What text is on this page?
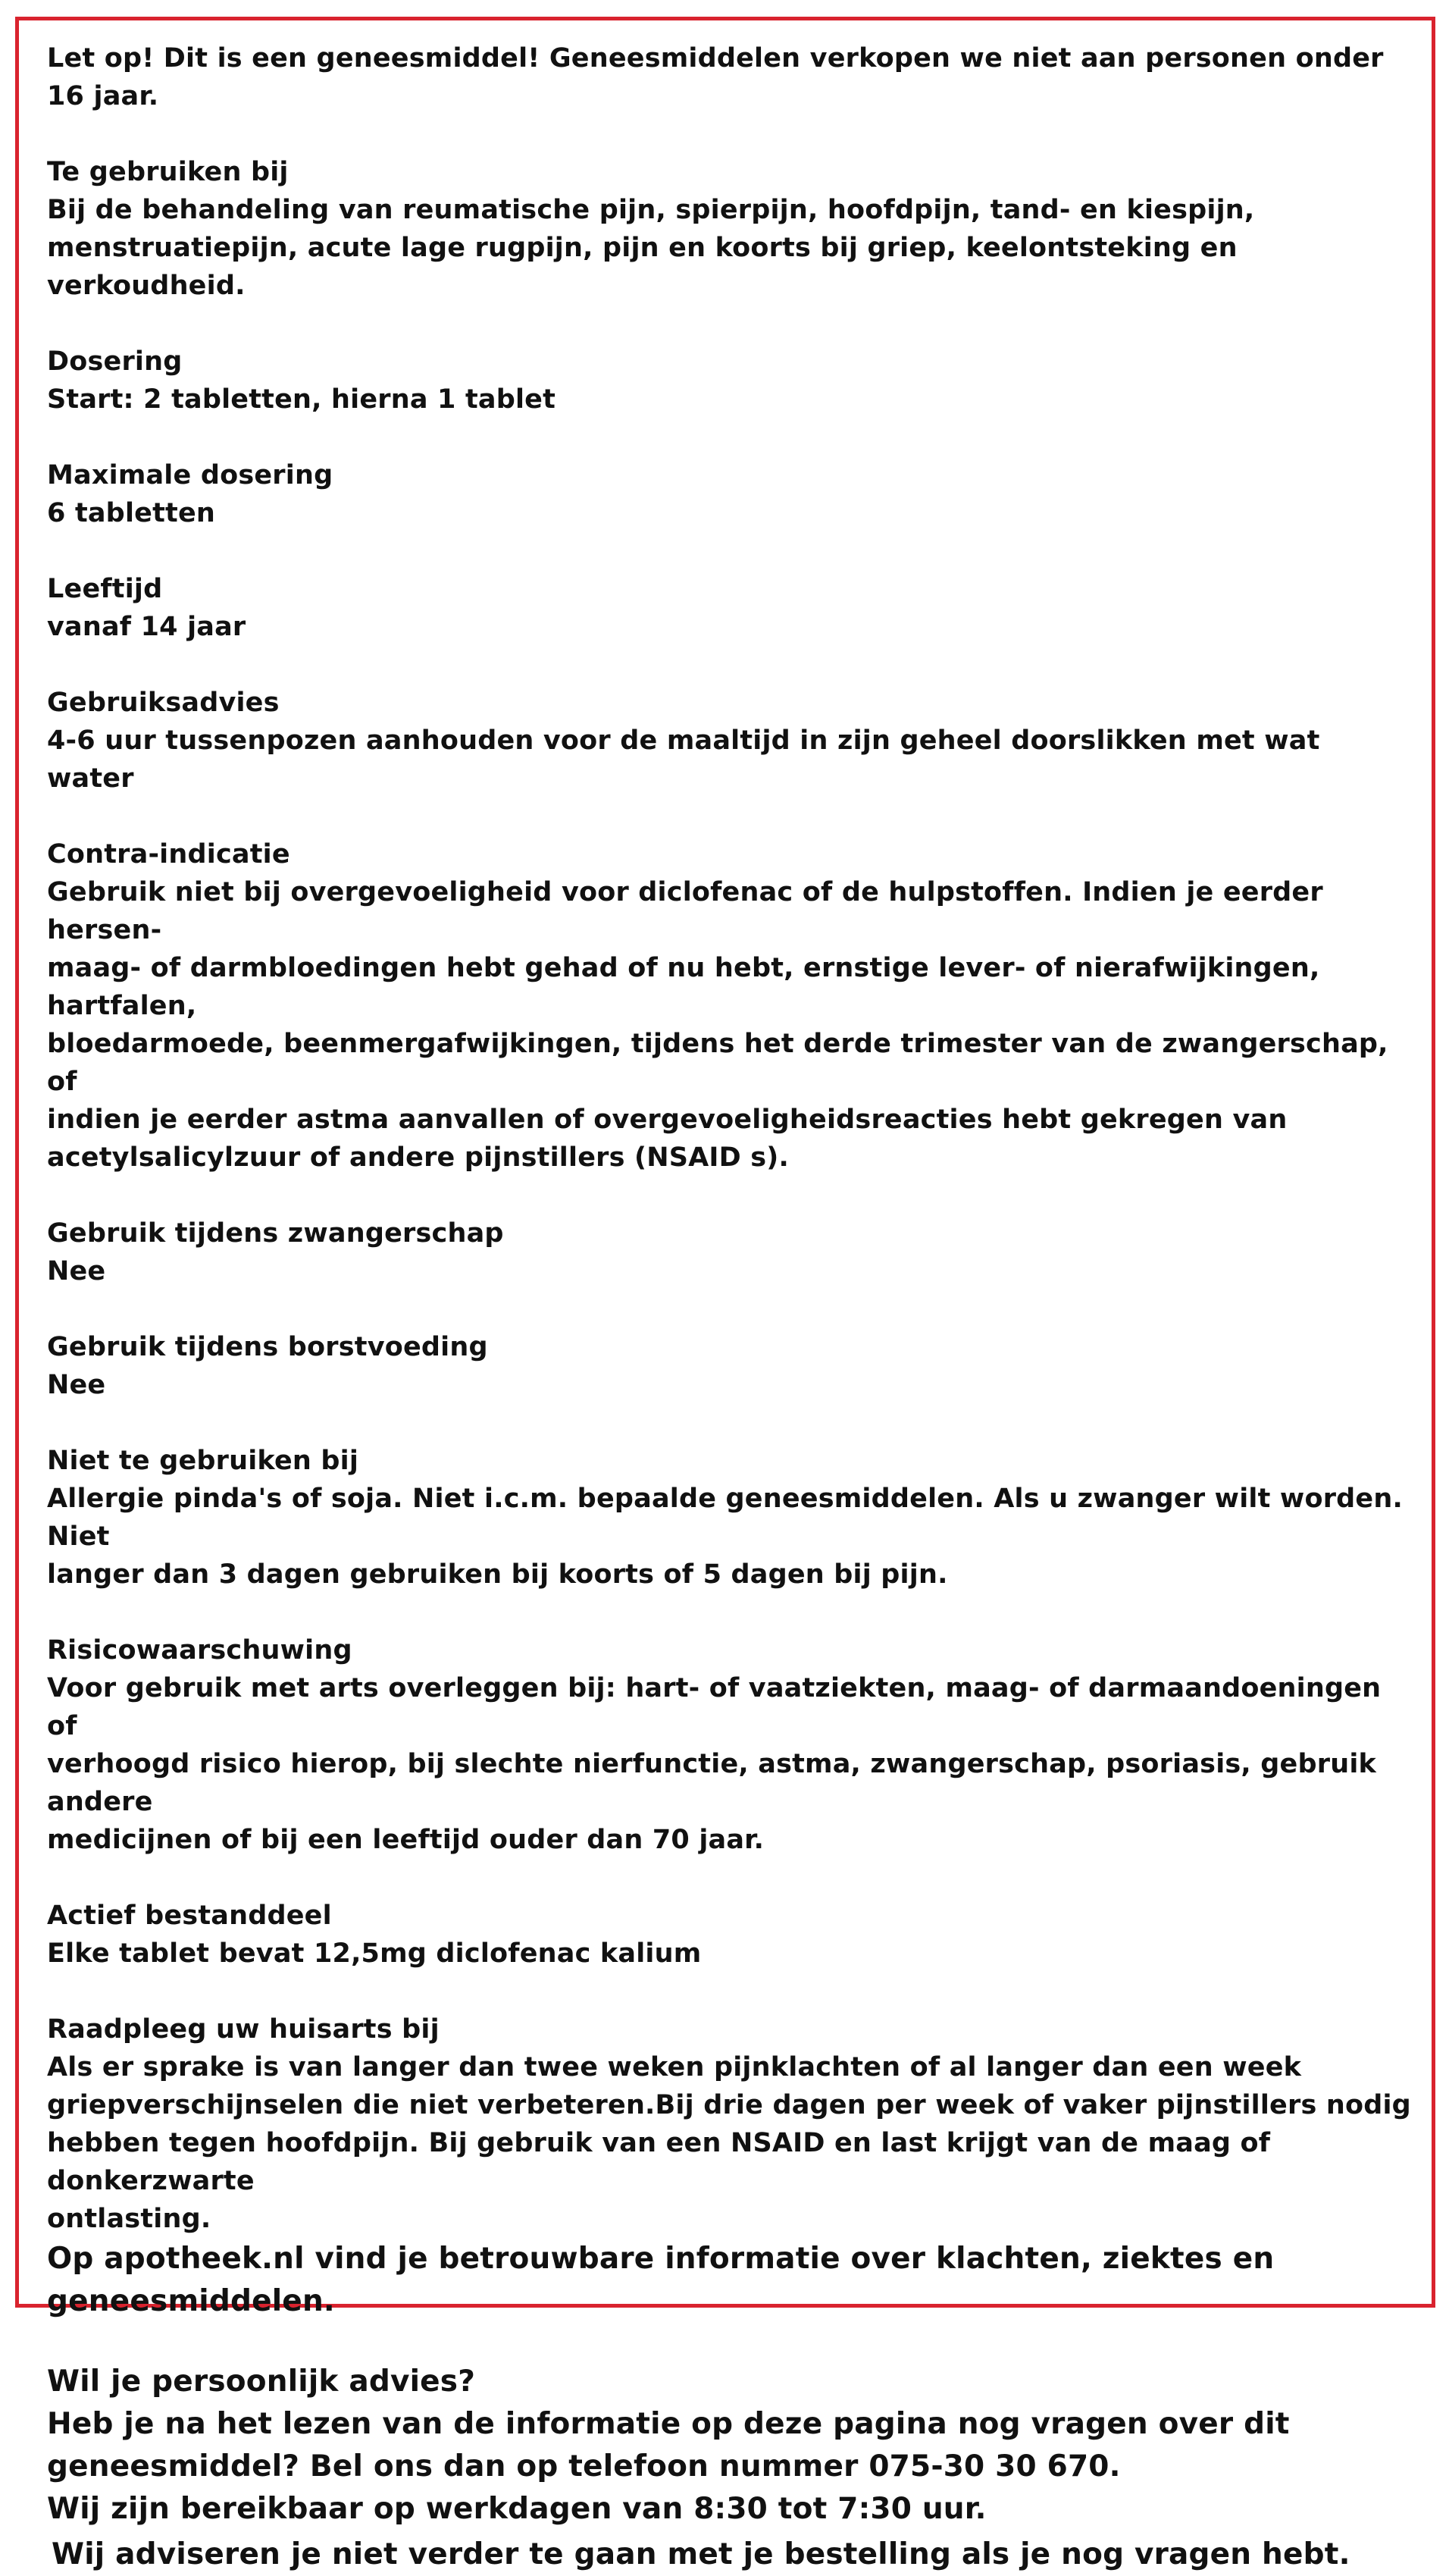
Let op! Dit is een geneesmiddel! Geneesmiddelen verkopen we niet aan personen onder 16 jaar.

Te gebruiken bij
Bij de behandeling van reumatische pijn, spierpijn, hoofdpijn, tand- en kiespijn,
menstruatiepijn, acute lage rugpijn, pijn en koorts bij griep, keelontsteking en verkoudheid.
Dosering
Start: 2 tabletten, hierna 1 tablet
Maximale dosering
6 tabletten
Leeftijd
vanaf 14 jaar
Gebruiksadvies
4-6 uur tussenpozen aanhouden voor de maaltijd in zijn geheel doorslikken met wat water
Contra-indicatie
Gebruik niet bij overgevoeligheid voor diclofenac of de hulpstoffen. Indien je eerder hersen-
maag- of darmbloedingen hebt gehad of nu hebt, ernstige lever- of nierafwijkingen, hartfalen,
bloedarmoede, beenmergafwijkingen, tijdens het derde trimester van de zwangerschap, of
indien je eerder astma aanvallen of overgevoeligheidsreacties hebt gekregen van
acetylsalicylzuur of andere pijnstillers (NSAID s).
Gebruik tijdens zwangerschap
Nee
Gebruik tijdens borstvoeding
Nee
Niet te gebruiken bij
Allergie pinda's of soja. Niet i.c.m. bepaalde geneesmiddelen. Als u zwanger wilt worden. Niet
langer dan 3 dagen gebruiken bij koorts of 5 dagen bij pijn.
Risicowaarschuwing
Voor gebruik met arts overleggen bij: hart- of vaatziekten, maag- of darmaandoeningen of
verhoogd risico hierop, bij slechte nierfunctie, astma, zwangerschap, psoriasis, gebruik andere
medicijnen of bij een leeftijd ouder dan 70 jaar.
Actief bestanddeel
Elke tablet bevat 12,5mg diclofenac kalium
Raadpleeg uw huisarts bij
Als er sprake is van langer dan twee weken pijnklachten of al langer dan een week
griepverschijnselen die niet verbeteren.Bij drie dagen per week of vaker pijnstillers nodig
hebben tegen hoofdpijn. Bij gebruik van een NSAID en last krijgt van de maag of donkerzwarte
ontlasting.
Op apotheek.nl vind je betrouwbare informatie over klachten, ziektes en
geneesmiddelen.
Wil je persoonlijk advies?
Heb je na het lezen van de informatie op deze pagina nog vragen over dit
geneesmiddel? Bel ons dan op telefoon nummer 075-30 30 670.
Wij zijn bereikbaar op werkdagen van 8:30 tot 7:30 uur.

Wij adviseren je niet verder te gaan met je bestelling als je nog vragen hebt.
